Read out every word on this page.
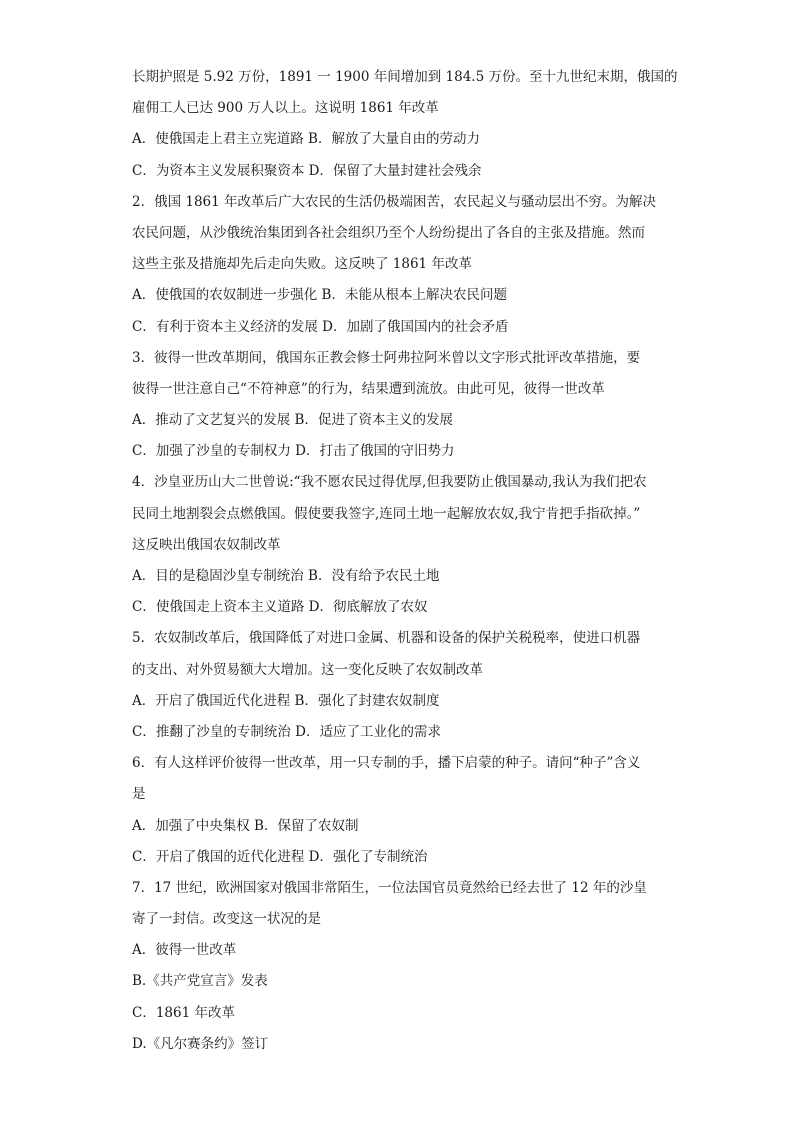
长期护照是 5.92 万份，1891 一 1900 年间增加到 184.5 万份。至十九世纪末期，俄国的
雇佣工人已达 900 万人以上。这说明 1861 年改革
A．使俄国走上君主立宪道路 B．解放了大量自由的劳动力
C．为资本主义发展积聚资本 D．保留了大量封建社会残余
2．俄国 1861 年改革后广大农民的生活仍极端困苦，农民起义与骚动层出不穷。为解决
农民问题，从沙俄统治集团到各社会组织乃至个人纷纷提出了各自的主张及措施。然而
这些主张及措施却先后走向失败。这反映了 1861 年改革
A．使俄国的农奴制进一步强化 B．未能从根本上解决农民问题
C．有利于资本主义经济的发展 D．加剧了俄国国内的社会矛盾
3．彼得一世改革期间，俄国东正教会修士阿弗拉阿米曾以文字形式批评改革措施，要
彼得一世注意自己“不符神意”的行为，结果遭到流放。由此可见，彼得一世改革
A．推动了文艺复兴的发展 B．促进了资本主义的发展
C．加强了沙皇的专制权力 D．打击了俄国的守旧势力
4．沙皇亚历山大二世曾说:“我不愿农民过得优厚,但我要防止俄国暴动,我认为我们把农
民同土地割裂会点燃俄国。假使要我签字,连同土地一起解放农奴,我宁肯把手指砍掉。”
这反映出俄国农奴制改革
A．目的是稳固沙皇专制统治 B．没有给予农民土地
C．使俄国走上资本主义道路 D．彻底解放了农奴
5．农奴制改革后，俄国降低了对进口金属、机器和设备的保护关税税率，使进口机器
的支出、对外贸易额大大增加。这一变化反映了农奴制改革
A．开启了俄国近代化进程 B．强化了封建农奴制度
C．推翻了沙皇的专制统治 D．适应了工业化的需求
6．有人这样评价彼得一世改革，用一只专制的手，播下启蒙的种子。请问“种子”含义
是
A．加强了中央集权 B．保留了农奴制
C．开启了俄国的近代化进程 D．强化了专制统治
7．17 世纪，欧洲国家对俄国非常陌生，一位法国官员竟然给已经去世了 12 年的沙皇
寄了一封信。改变这一状况的是
A．彼得一世改革
B.《共产党宣言》发表
C．1861 年改革
D.《凡尔赛条约》签订
